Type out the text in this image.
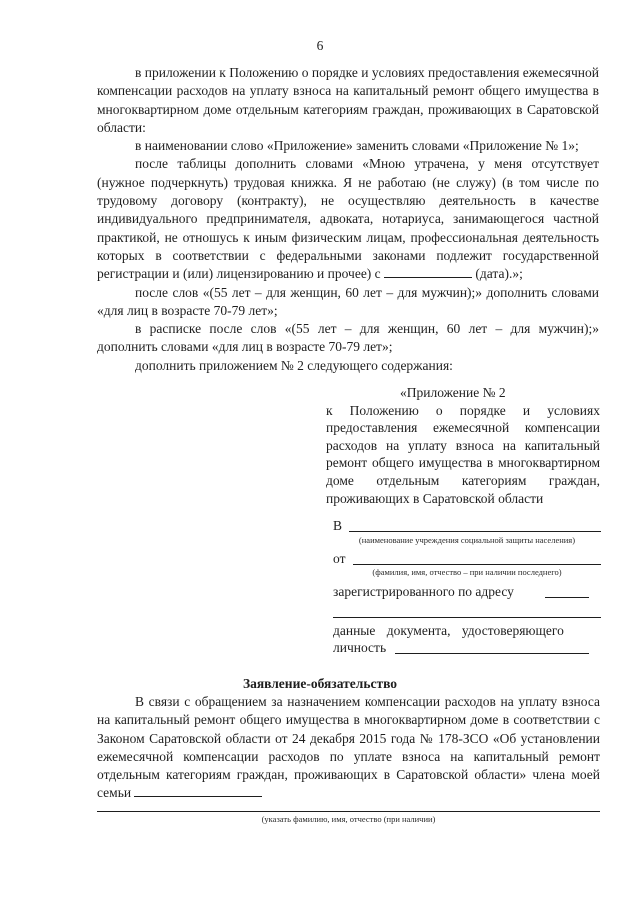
6

в приложении к Положению о порядке и условиях предоставления ежемесячной компенсации расходов на уплату взноса на капитальный ремонт общего имущества в многоквартирном доме отдельным категориям граждан, проживающих в Саратовской области:

в наименовании слово «Приложение» заменить словами «Приложение № 1»;

после таблицы дополнить словами «Мною утрачена, у меня отсутствует (нужное подчеркнуть) трудовая книжка. Я не работаю (не служу) (в том числе по трудовому договору (контракту), не осуществляю деятельность в качестве индивидуального предпринимателя, адвоката, нотариуса, занимающегося частной практикой, не отношусь к иным физическим лицам, профессиональная деятельность которых в соответствии с федеральными законами подлежит государственной регистрации и (или) лицензированию и прочее) с	(дата).»;

после слов «(55 лет – для женщин, 60 лет – для мужчин);» дополнить словами «для лиц в возрасте 70-79 лет»;

в расписке после слов «(55 лет – для женщин, 60 лет – для мужчин);» дополнить словами «для лиц в возрасте 70-79 лет»;

дополнить приложением № 2 следующего содержания:

«Приложение № 2
к Положению о порядке и условиях предоставления ежемесячной компенсации расходов на уплату взноса на капитальный ремонт общего имущества в многоквартирном доме отдельным категориям граждан, проживающих в Саратовской области
В
(наименование учреждения социальной защиты населения)
от
(фамилия, имя, отчество – при наличии последнего)
зарегистрированного по адресу
данные документа, удостоверяющего
личность
Заявление-обязательство

В связи с обращением за назначением компенсации расходов на уплату взноса на капитальный ремонт общего имущества в многоквартирном доме в соответствии с Законом Саратовской области от 24 декабря 2015 года № 178-ЗСО «Об установлении ежемесячной компенсации расходов по уплате взноса на капитальный ремонт отдельным категориям граждан, проживающих в Саратовской области» члена моей семьи

(указать фамилию, имя, отчество (при наличии)
